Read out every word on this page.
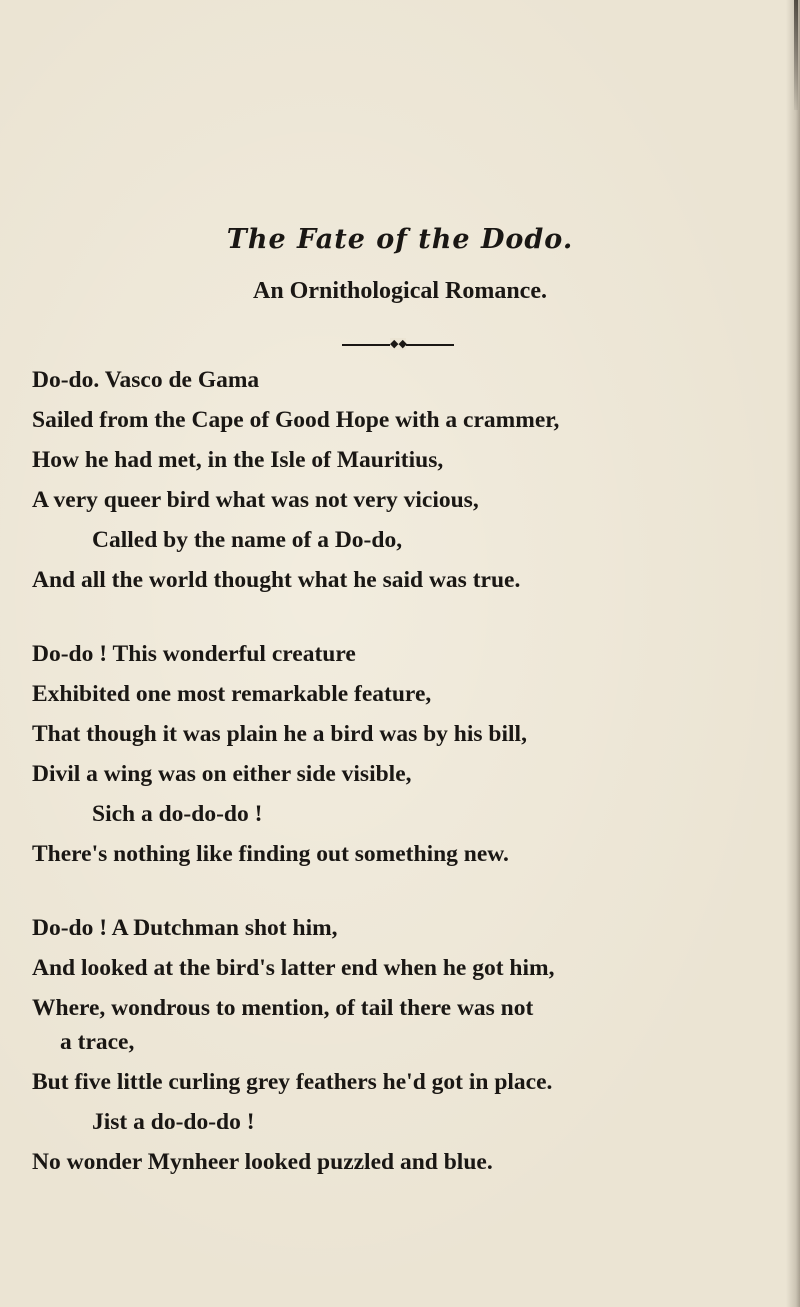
The Fate of the Dodo.
An Ornithological Romance.
◆◆
Do-do. Vasco de Gama
Sailed from the Cape of Good Hope with a crammer,
How he had met, in the Isle of Mauritius,
A very queer bird what was not very vicious,
Called by the name of a Do-do,
And all the world thought what he said was true.
Do-do ! This wonderful creature
Exhibited one most remarkable feature,
That though it was plain he a bird was by his bill,
Divil a wing was on either side visible,
Sich a do-do-do !
There's nothing like finding out something new.
Do-do ! A Dutchman shot him,
And looked at the bird's latter end when he got him,
Where, wondrous to mention, of tail there was not
a trace,
But five little curling grey feathers he'd got in place.
Jist a do-do-do !
No wonder Mynheer looked puzzled and blue.
